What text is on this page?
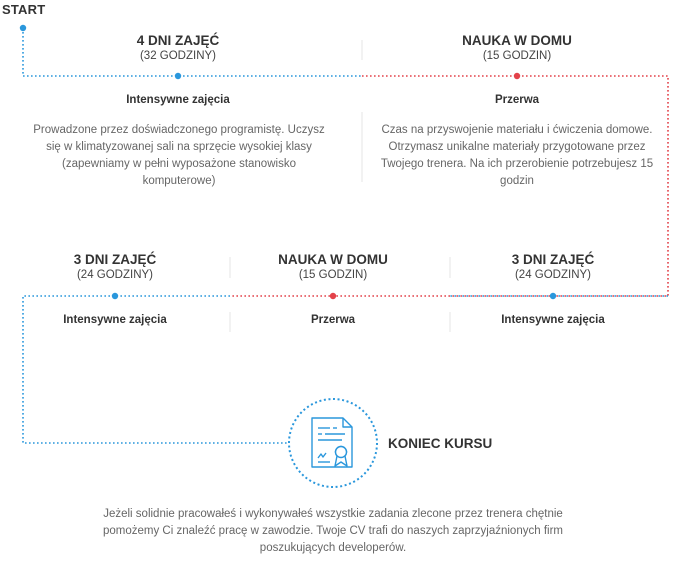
START
4 DNI ZAJĘĆ
(32 GODZINY)
Intensywne zajęcia
Prowadzone przez doświadczonego programistę. Uczysz się w klimatyzowanej sali na sprzęcie wysokiej klasy (zapewniamy w pełni wyposażone stanowisko komputerowe)
NAUKA W DOMU
(15 GODZIN)
Przerwa
Czas na przyswojenie materiału i ćwiczenia domowe. Otrzymasz unikalne materiały przygotowane przez Twojego trenera. Na ich przerobienie potrzebujesz 15 godzin
3 DNI ZAJĘĆ
(24 GODZINY)
Intensywne zajęcia
NAUKA W DOMU
(15 GODZIN)
Przerwa
3 DNI ZAJĘĆ
(24 GODZINY)
Intensywne zajęcia
KONIEC KURSU
Jeżeli solidnie pracowałeś i wykonywałeś wszystkie zadania zlecone przez trenera chętnie pomożemy Ci znaleźć pracę w zawodzie. Twoje CV trafi do naszych zaprzyjaźnionych firm poszukujących developerów.
